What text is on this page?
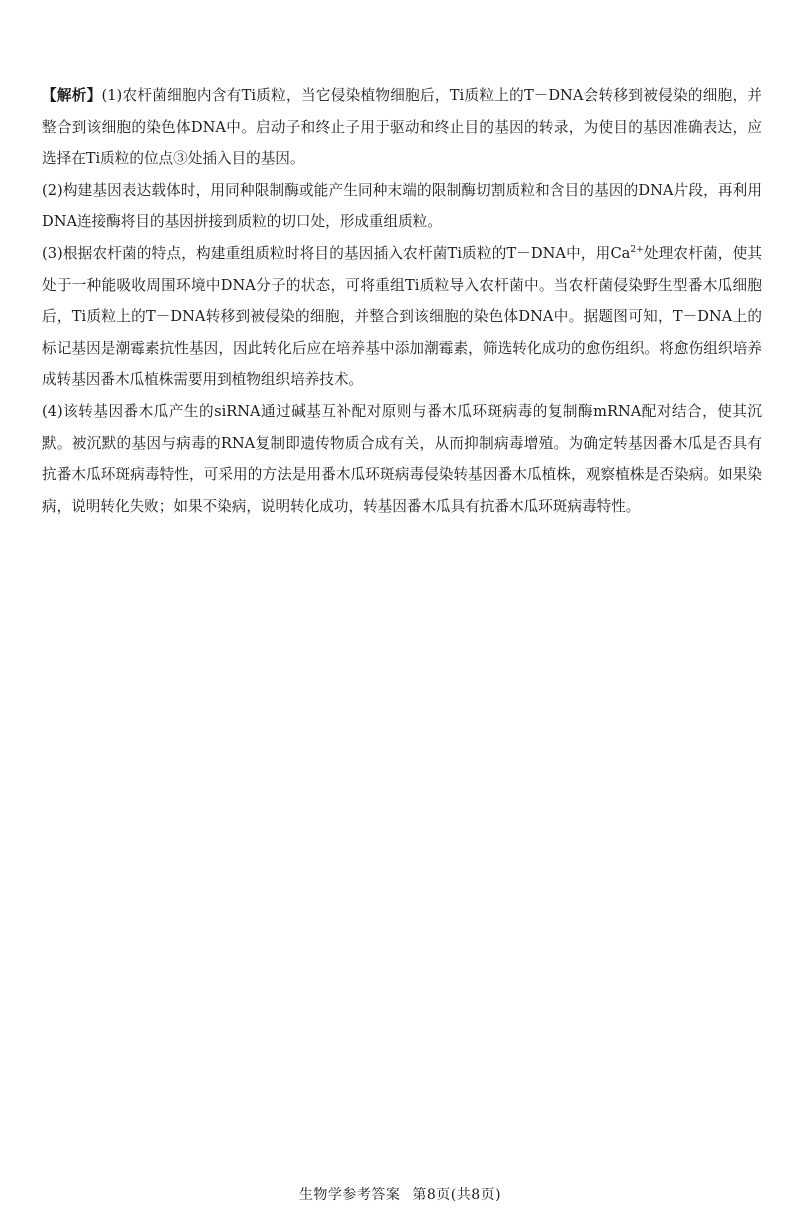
【解析】(1)农杆菌细胞内含有Ti质粒，当它侵染植物细胞后，Ti质粒上的T－DNA会转移到被侵染的细胞，并整合到该细胞的染色体DNA中。启动子和终止子用于驱动和终止目的基因的转录，为使目的基因准确表达，应选择在Ti质粒的位点③处插入目的基因。

(2)构建基因表达载体时，用同种限制酶或能产生同种末端的限制酶切割质粒和含目的基因的DNA片段，再利用DNA连接酶将目的基因拼接到质粒的切口处，形成重组质粒。

(3)根据农杆菌的特点，构建重组质粒时将目的基因插入农杆菌Ti质粒的T－DNA中，用$Ca^{2+}$处理农杆菌，使其处于一种能吸收周围环境中DNA分子的状态，可将重组Ti质粒导入农杆菌中。当农杆菌侵染野生型番木瓜细胞后，Ti质粒上的T－DNA转移到被侵染的细胞，并整合到该细胞的染色体DNA中。据题图可知，T－DNA上的标记基因是潮霉素抗性基因，因此转化后应在培养基中添加潮霉素，筛选转化成功的愈伤组织。将愈伤组织培养成转基因番木瓜植株需要用到植物组织培养技术。

(4)该转基因番木瓜产生的siRNA通过碱基互补配对原则与番木瓜环斑病毒的复制酶mRNA配对结合，使其沉默。被沉默的基因与病毒的RNA复制即遗传物质合成有关，从而抑制病毒增殖。为确定转基因番木瓜是否具有抗番木瓜环斑病毒特性，可采用的方法是用番木瓜环斑病毒侵染转基因番木瓜植株，观察植株是否染病。如果染病，说明转化失败；如果不染病，说明转化成功，转基因番木瓜具有抗番木瓜环斑病毒特性。

生物学参考答案 第8页(共8页)
